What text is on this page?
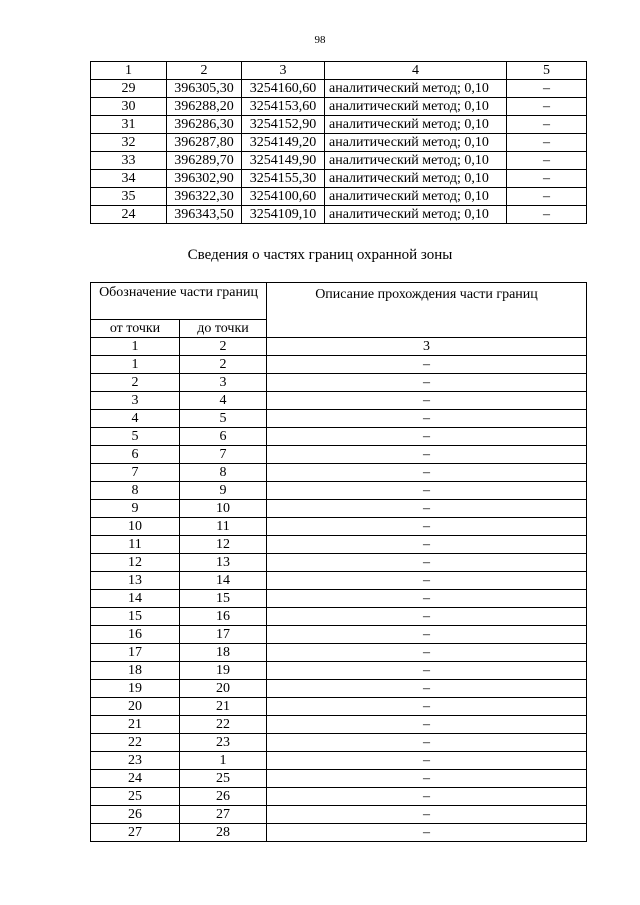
98
1	2	3	4	5
29	396305,30	3254160,60	аналитический метод; 0,10	–
30	396288,20	3254153,60	аналитический метод; 0,10	–
31	396286,30	3254152,90	аналитический метод; 0,10	–
32	396287,80	3254149,20	аналитический метод; 0,10	–
33	396289,70	3254149,90	аналитический метод; 0,10	–
34	396302,90	3254155,30	аналитический метод; 0,10	–
35	396322,30	3254100,60	аналитический метод; 0,10	–
24	396343,50	3254109,10	аналитический метод; 0,10	–
Сведения о частях границ охранной зоны
Обозначение части границ		Описание прохождения части границ
от точки	до точки	
1	2	3
1	2	–
2	3	–
3	4	–
4	5	–
5	6	–
6	7	–
7	8	–
8	9	–
9	10	–
10	11	–
11	12	–
12	13	–
13	14	–
14	15	–
15	16	–
16	17	–
17	18	–
18	19	–
19	20	–
20	21	–
21	22	–
22	23	–
23	1	–
24	25	–
25	26	–
26	27	–
27	28	–
